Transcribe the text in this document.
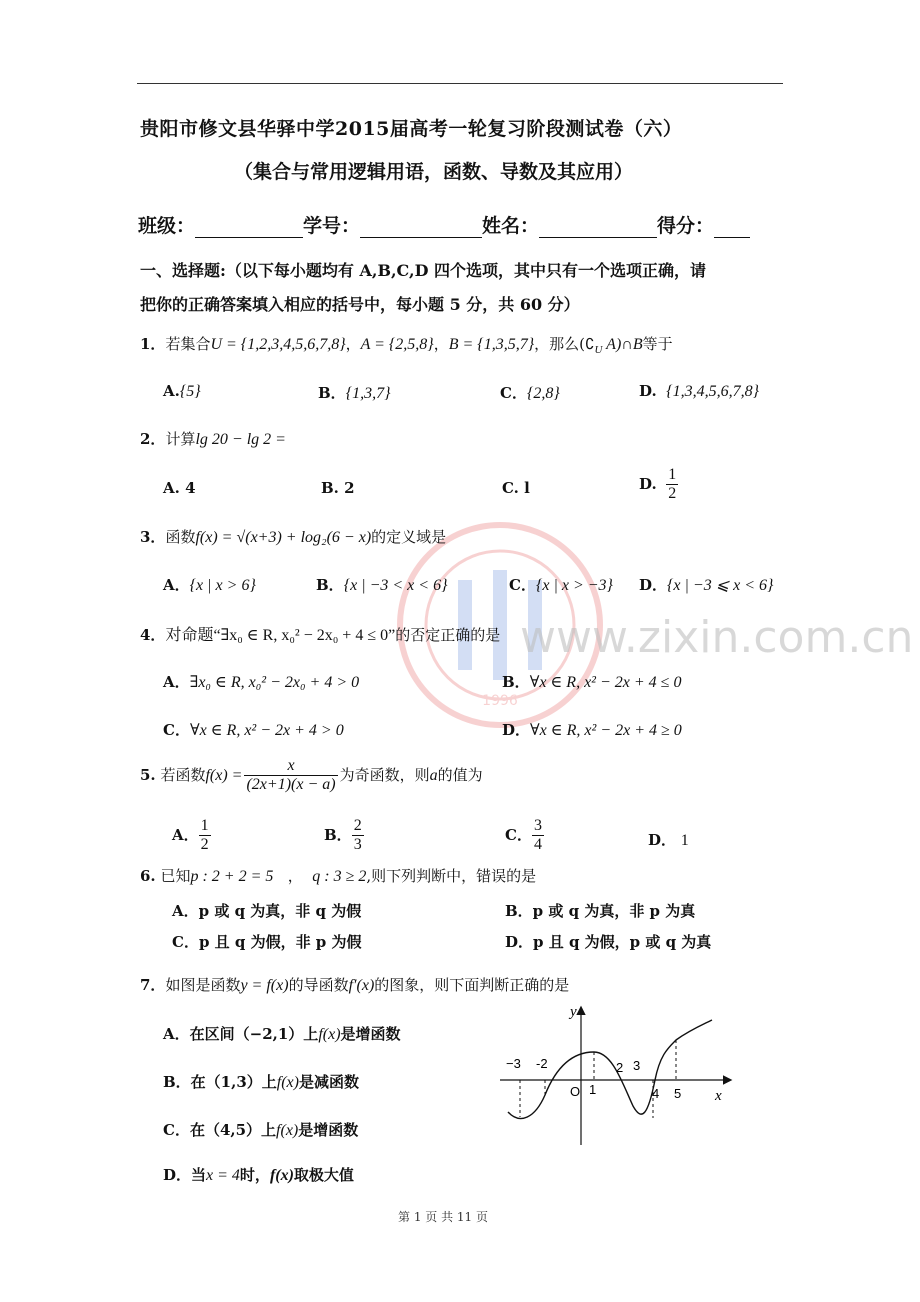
1996
www.zixin.com.cn
贵阳市修文县华驿中学2015届高考一轮复习阶段测试卷（六）
（集合与常用逻辑用语，函数、导数及其应用）
班级：	学号：	姓名：	得分：
一、选择题:（以下每小题均有 A,B,C,D 四个选项，其中只有一个选项正确，请
把你的正确答案填入相应的括号中，每小题 5 分，共 60 分）
1．若集合U = {1,2,3,4,5,6,7,8}，A = {2,5,8}，B = {1,3,5,7}，那么($∁_U$ A)∩B等于
A.{5}	B．{1,3,7}	C．{2,8}	D. {1,3,4,5,6,7,8}
2．计算lg 20 − lg 2 =
A. 4	B. 2	C. l	D. $\frac{1}{2}$
3．函数f(x) = √(x+3) + log₂(6 − x)的定义域是
A．{x | x > 6}	B．{x | −3 < x < 6}	C．{x | x > −3} D．{x | −3 ⩽ x < 6}
4．对命题“∃x₀ ∈ R, x₀² − 2x₀ + 4 ≤ 0”的否定正确的是
A．∃x₀ ∈ R, x₀² − 2x₀ + 4 > 0	B．∀x ∈ R, x² − 2x + 4 ≤ 0
C．∀x ∈ R, x² − 2x + 4 > 0	D．∀x ∈ R, x² − 2x + 4 ≥ 0
5. 若函数$f(x) = \frac{x}{(2x+1)(x - a)}$ 为奇函数，则a的值为
A． $\frac{1}{2}$	B． $\frac{2}{3}$	C． $\frac{3}{4}$	D． 1
6. 已知p : 2 + 2 = 5 ， q : 3 ≥ 2,则下列判断中，错误的是
A．p 或 q 为真，非 q 为假	B．p 或 q 为真，非 p 为真
C．p 且 q 为假，非 p 为假	D．p 且 q 为假，p 或 q 为真
7．如图是函数y = f(x)的导函数f′(x)的图象，则下面判断正确的是
A．在区间（−2,1）上f(x)是增函数
B．在（1,3）上f(x)是减函数
C．在（4,5）上f(x)是增函数
D．当x = 4时，f(x)取极大值
y
x
O
−3 -2
1
2 3
4 5
第 1 页 共 11 页
